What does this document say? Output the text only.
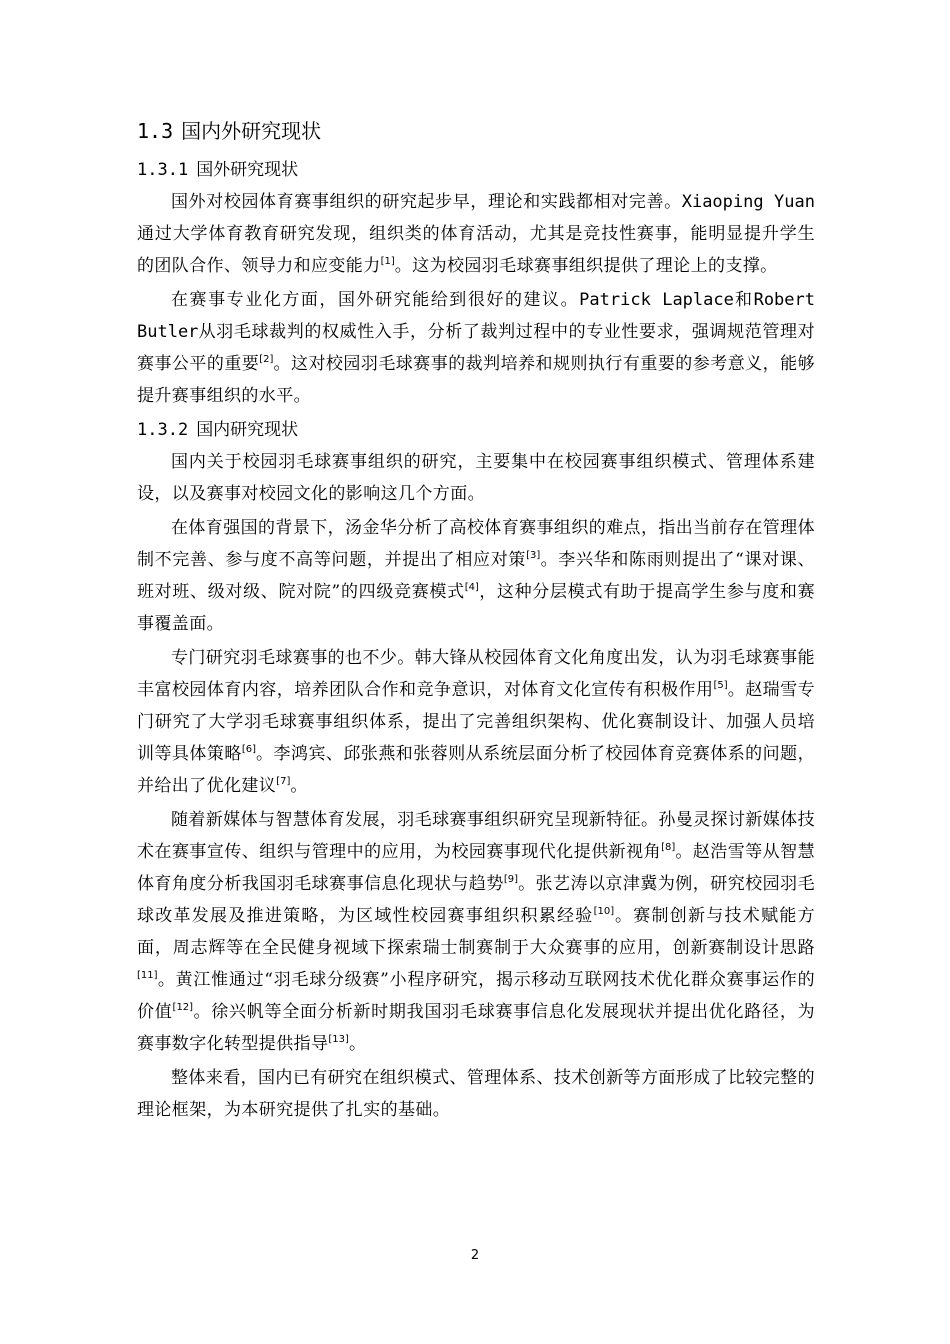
1.3 国内外研究现状
1.3.1 国外研究现状

国外对校园体育赛事组织的研究起步早，理论和实践都相对完善。Xiaoping Yuan通过大学体育教育研究发现，组织类的体育活动，尤其是竞技性赛事，能明显提升学生的团队合作、领导力和应变能力[1]。这为校园羽毛球赛事组织提供了理论上的支撑。

在赛事专业化方面，国外研究能给到很好的建议。Patrick Laplace和Robert Butler从羽毛球裁判的权威性入手，分析了裁判过程中的专业性要求，强调规范管理对赛事公平的重要[2]。这对校园羽毛球赛事的裁判培养和规则执行有重要的参考意义，能够提升赛事组织的水平。

1.3.2 国内研究现状

国内关于校园羽毛球赛事组织的研究，主要集中在校园赛事组织模式、管理体系建设，以及赛事对校园文化的影响这几个方面。

在体育强国的背景下，汤金华分析了高校体育赛事组织的难点，指出当前存在管理体制不完善、参与度不高等问题，并提出了相应对策[3]。李兴华和陈雨则提出了“课对课、班对班、级对级、院对院”的四级竞赛模式[4]，这种分层模式有助于提高学生参与度和赛事覆盖面。

专门研究羽毛球赛事的也不少。韩大锋从校园体育文化角度出发，认为羽毛球赛事能丰富校园体育内容，培养团队合作和竞争意识，对体育文化宣传有积极作用[5]。赵瑞雪专门研究了大学羽毛球赛事组织体系，提出了完善组织架构、优化赛制设计、加强人员培训等具体策略[6]。李鸿宾、邱张燕和张蓉则从系统层面分析了校园体育竞赛体系的问题，并给出了优化建议[7]。

随着新媒体与智慧体育发展，羽毛球赛事组织研究呈现新特征。孙曼灵探讨新媒体技术在赛事宣传、组织与管理中的应用，为校园赛事现代化提供新视角[8]。赵浩雪等从智慧体育角度分析我国羽毛球赛事信息化现状与趋势[9]。张艺涛以京津冀为例，研究校园羽毛球改革发展及推进策略，为区域性校园赛事组织积累经验[10]。赛制创新与技术赋能方面，周志辉等在全民健身视域下探索瑞士制赛制于大众赛事的应用，创新赛制设计思路[11]。黄江惟通过“羽毛球分级赛”小程序研究，揭示移动互联网技术优化群众赛事运作的价值[12]。徐兴帆等全面分析新时期我国羽毛球赛事信息化发展现状并提出优化路径，为赛事数字化转型提供指导[13]。

整体来看，国内已有研究在组织模式、管理体系、技术创新等方面形成了比较完整的理论框架，为本研究提供了扎实的基础。

2
